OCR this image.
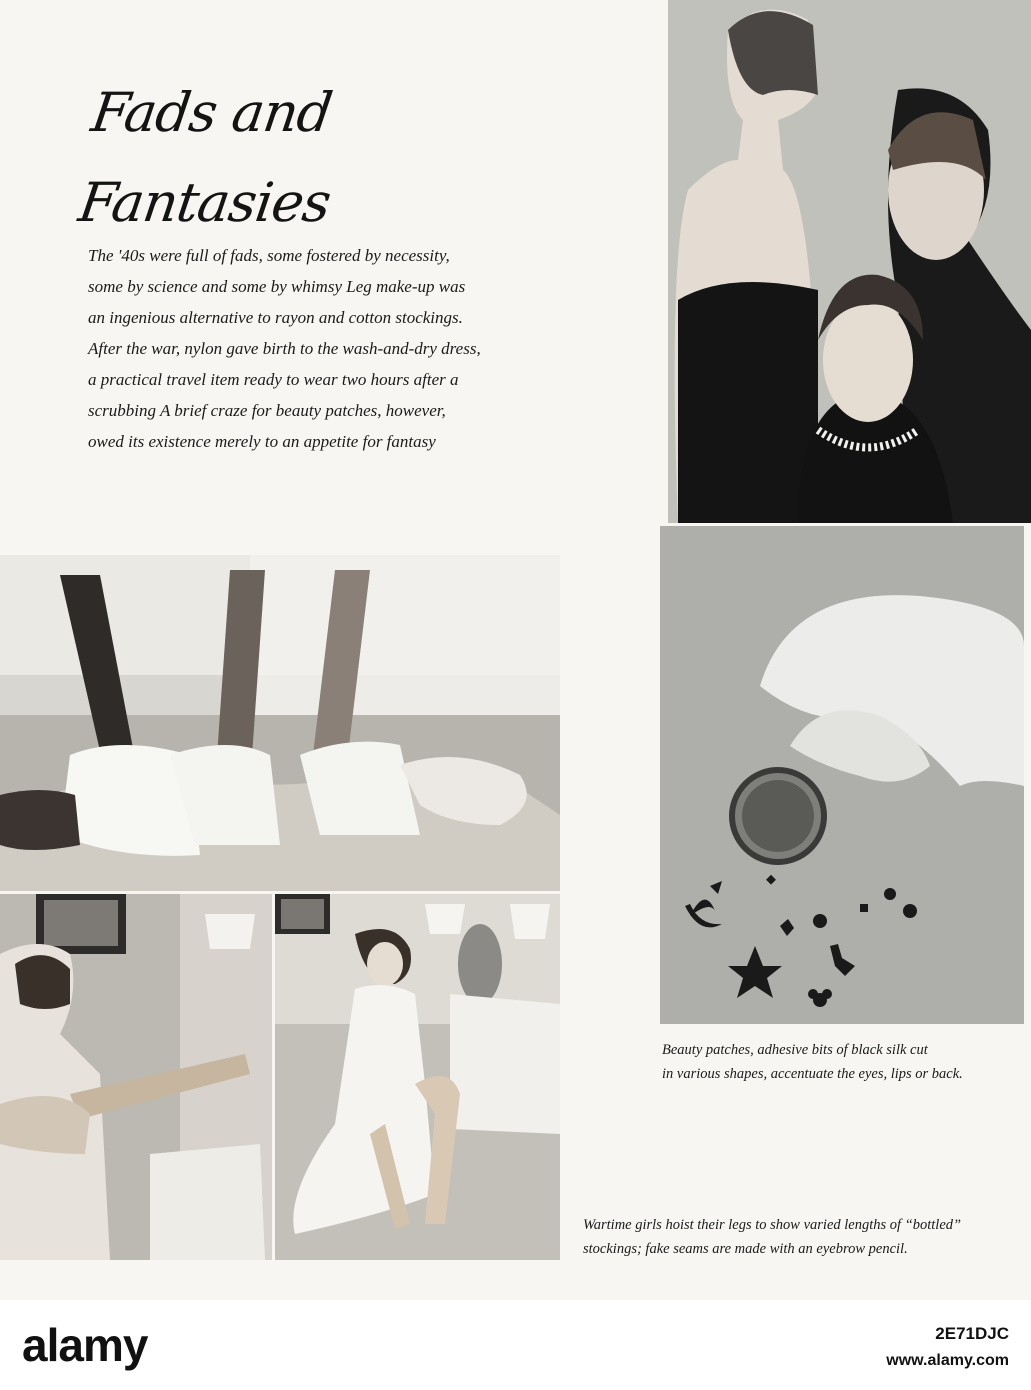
Fads and Fantasies

The '40s were full of fads, some fostered by necessity,

some by science and some by whimsy Leg make-up was

an ingenious alternative to rayon and cotton stockings.

After the war, nylon gave birth to the wash-and-dry dress,

a practical travel item ready to wear two hours after a

scrubbing A brief craze for beauty patches, however,

owed its existence merely to an appetite for fantasy

Beauty patches, adhesive bits of black silk cut
in various shapes, accentuate the eyes, lips or back.
Wartime girls hoist their legs to show varied lengths of “bottled”
stockings; fake seams are made with an eyebrow pencil.
alamy	2E71DJC
www.alamy.com
